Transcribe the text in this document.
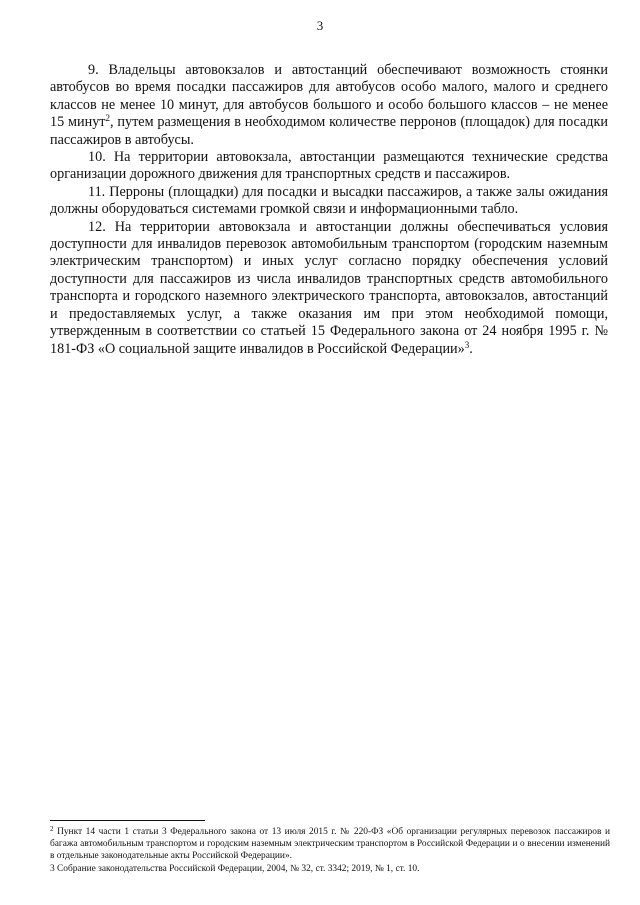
3

9. Владельцы автовокзалов и автостанций обеспечивают возможность стоянки автобусов во время посадки пассажиров для автобусов особо малого, малого и среднего классов не менее 10 минут, для автобусов большого и особо большого классов – не менее 15 минут$^2$, путем размещения в необходимом количестве перронов (площадок) для посадки пассажиров в автобусы.

10. На территории автовокзала, автостанции размещаются технические средства организации дорожного движения для транспортных средств и пассажиров.

11. Перроны (площадки) для посадки и высадки пассажиров, а также залы ожидания должны оборудоваться системами громкой связи и информационными табло.

12. На территории автовокзала и автостанции должны обеспечиваться условия доступности для инвалидов перевозок автомобильным транспортом (городским наземным электрическим транспортом) и иных услуг согласно порядку обеспечения условий доступности для пассажиров из числа инвалидов транспортных средств автомобильного транспорта и городского наземного электрического транспорта, автовокзалов, автостанций и предоставляемых услуг, а также оказания им при этом необходимой помощи, утвержденным в соответствии со статьей 15 Федерального закона от 24 ноября 1995 г. № 181-ФЗ «О социальной защите инвалидов в Российской Федерации»$^3$.

$^2$ Пункт 14 части 1 статьи 3 Федерального закона от 13 июля 2015 г. № 220-ФЗ «Об организации регулярных перевозок пассажиров и багажа автомобильным транспортом и городским наземным электрическим транспортом в Российской Федерации и о внесении изменений в отдельные законодательные акты Российской Федерации».

3 Собрание законодательства Российской Федерации, 2004, № 32, ст. 3342; 2019, № 1, ст. 10.
